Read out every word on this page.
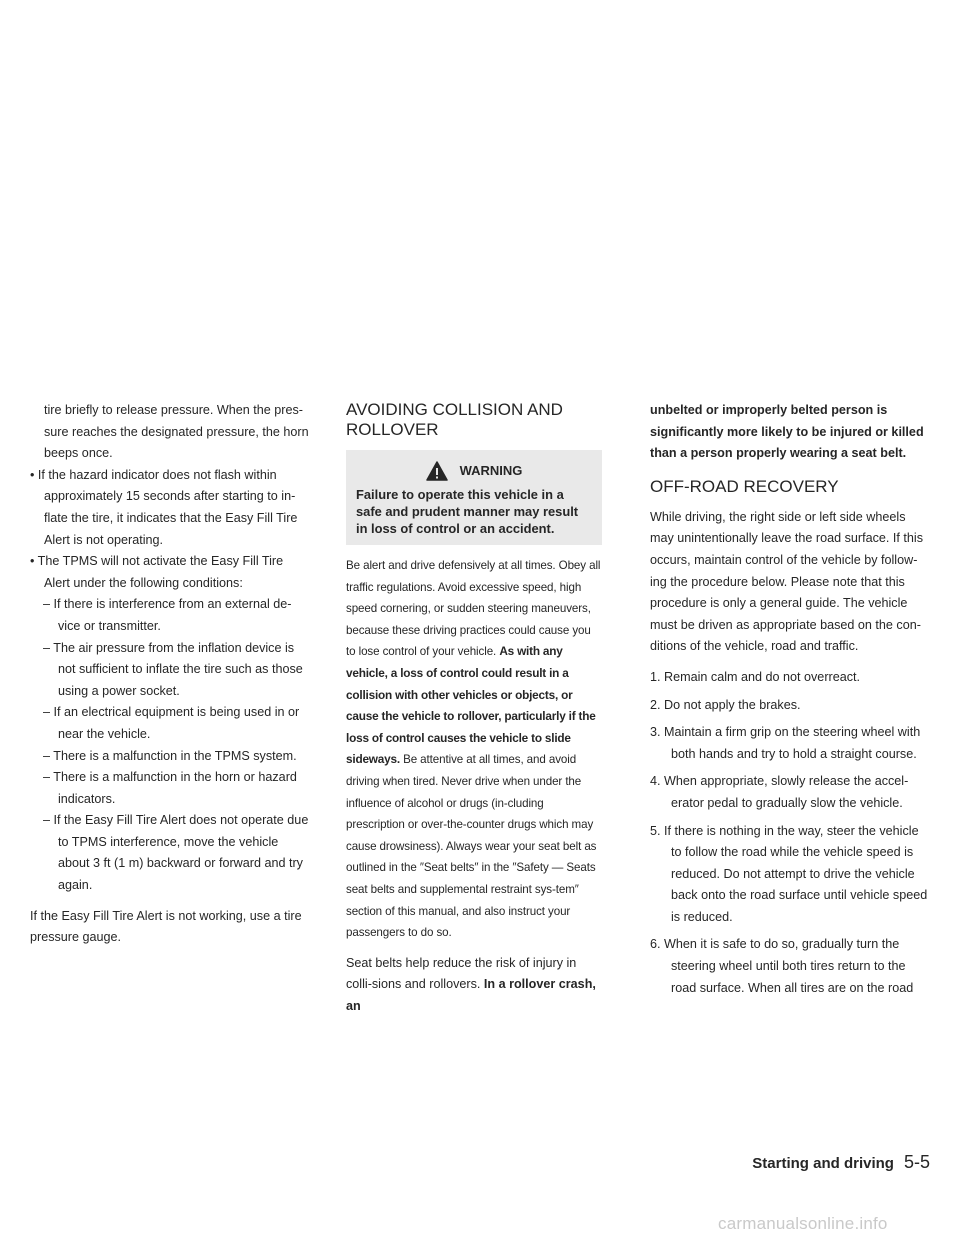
tire briefly to release pressure. When the pres-sure reaches the designated pressure, the horn beeps once.

• If the hazard indicator does not flash within approximately 15 seconds after starting to in-flate the tire, it indicates that the Easy Fill Tire Alert is not operating.

• The TPMS will not activate the Easy Fill Tire Alert under the following conditions:

– If there is interference from an external de-vice or transmitter.

– The air pressure from the inflation device is not sufficient to inflate the tire such as those using a power socket.

– If an electrical equipment is being used in or near the vehicle.

– There is a malfunction in the TPMS system.

– There is a malfunction in the horn or hazard indicators.

– If the Easy Fill Tire Alert does not operate due to TPMS interference, move the vehicle about 3 ft (1 m) backward or forward and try again.

If the Easy Fill Tire Alert is not working, use a tire pressure gauge.

AVOIDING COLLISION AND ROLLOVER
WARNING
Failure to operate this vehicle in a safe and prudent manner may result in loss of control or an accident.

Be alert and drive defensively at all times. Obey all traffic regulations. Avoid excessive speed, high speed cornering, or sudden steering maneuvers, because these driving practices could cause you to lose control of your vehicle. As with any vehicle, a loss of control could result in a collision with other vehicles or objects, or cause the vehicle to rollover, particularly if the loss of control causes the vehicle to slide sideways. Be attentive at all times, and avoid driving when tired. Never drive when under the influence of alcohol or drugs (in-cluding prescription or over-the-counter drugs which may cause drowsiness). Always wear your seat belt as outlined in the ″Seat belts″ in the ″Safety — Seats seat belts and supplemental restraint sys-tem″ section of this manual, and also instruct your passengers to do so.

Seat belts help reduce the risk of injury in colli-sions and rollovers. In a rollover crash, an

unbelted or improperly belted person is significantly more likely to be injured or killed than a person properly wearing a seat belt.

OFF-ROAD RECOVERY

While driving, the right side or left side wheels may unintentionally leave the road surface. If this occurs, maintain control of the vehicle by follow-ing the procedure below. Please note that this procedure is only a general guide. The vehicle must be driven as appropriate based on the con-ditions of the vehicle, road and traffic.

1. Remain calm and do not overreact.

2. Do not apply the brakes.

3. Maintain a firm grip on the steering wheel with both hands and try to hold a straight course.

4. When appropriate, slowly release the accel-erator pedal to gradually slow the vehicle.

5. If there is nothing in the way, steer the vehicle to follow the road while the vehicle speed is reduced. Do not attempt to drive the vehicle back onto the road surface until vehicle speed is reduced.

6. When it is safe to do so, gradually turn the steering wheel until both tires return to the road surface. When all tires are on the road

Starting and driving 5-5
carmanualsonline.info
